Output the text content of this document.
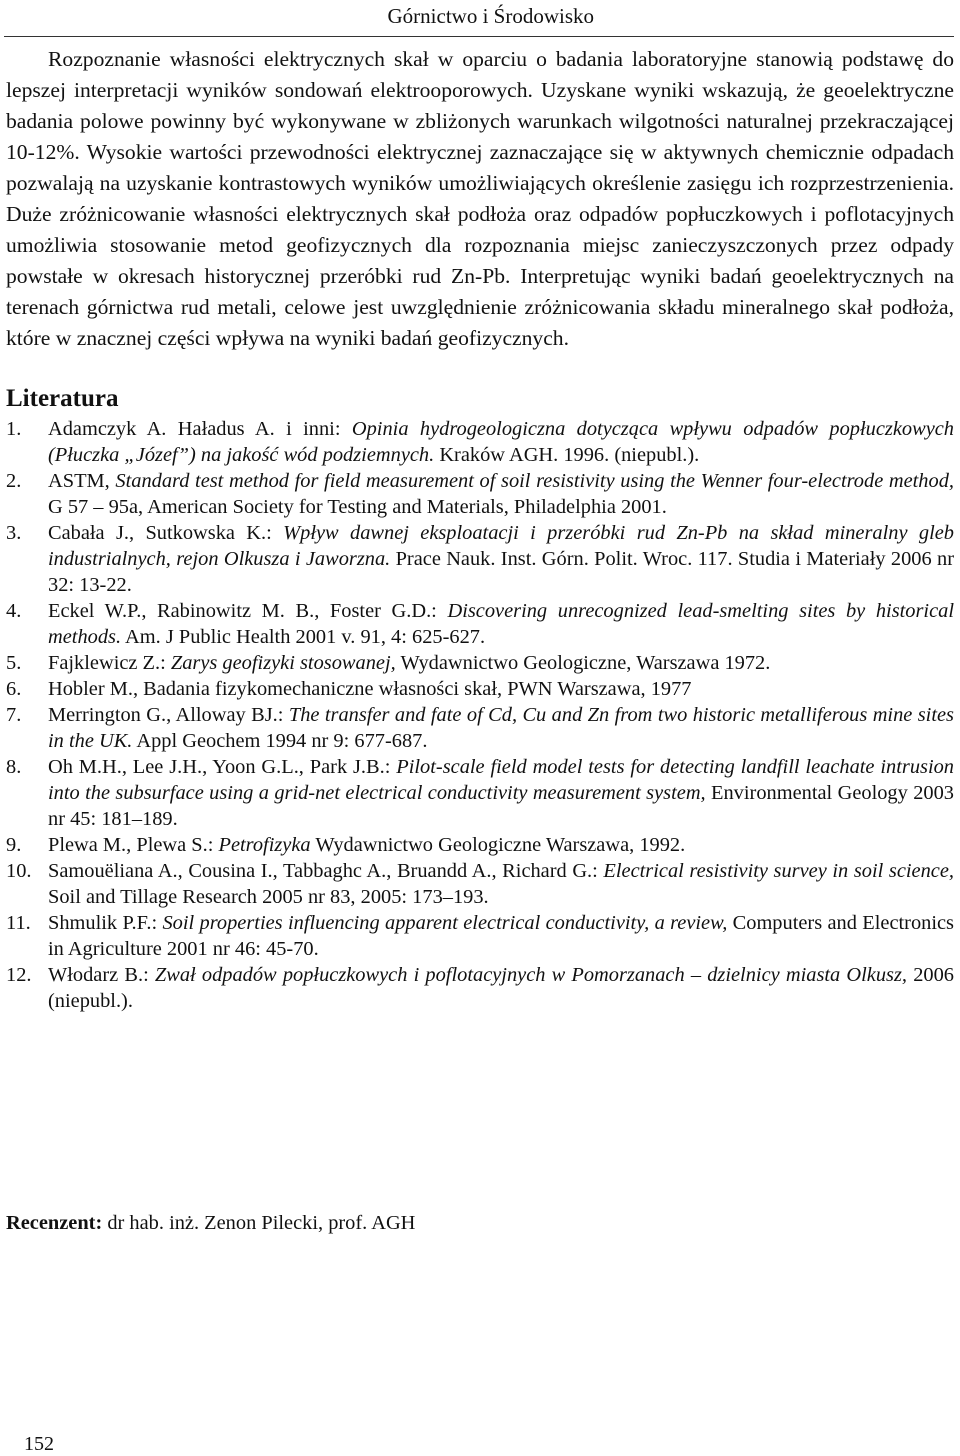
Górnictwo i Środowisko

Rozpoznanie własności elektrycznych skał w oparciu o badania laboratoryjne stanowią podstawę do lepszej interpretacji wyników sondowań elektrooporowych. Uzyskane wyniki wskazują, że geoelektryczne badania polowe powinny być wykonywane w zbliżonych warunkach wilgotności naturalnej przekraczającej 10-12%. Wysokie wartości przewodności elektrycznej zaznaczające się w aktywnych chemicznie odpadach pozwalają na uzyskanie kontrastowych wyników umożliwiających określenie zasięgu ich rozprzestrzenienia. Duże zróżnicowanie własności elektrycznych skał podłoża oraz odpadów popłuczkowych i poflotacyjnych umożliwia stosowanie metod geofizycznych dla rozpoznania miejsc zanieczyszczonych przez odpady powstałe w okresach historycznej przeróbki rud Zn-Pb. Interpretując wyniki badań geoelektrycznych na terenach górnictwa rud metali, celowe jest uwzględnienie zróżnicowania składu mineralnego skał podłoża, które w znacznej części wpływa na wyniki badań geofizycznych.

Literatura
1. Adamczyk A. Haładus A. i inni: Opinia hydrogeologiczna dotycząca wpływu odpadów popłuczkowych (Płuczka „Józef”) na jakość wód podziemnych. Kraków AGH. 1996. (niepubl.).
2. ASTM, Standard test method for field measurement of soil resistivity using the Wenner four-electrode method, G 57 – 95a, American Society for Testing and Materials, Philadelphia 2001.
3. Cabała J., Sutkowska K.: Wpływ dawnej eksploatacji i przeróbki rud Zn-Pb na skład mineralny gleb industrialnych, rejon Olkusza i Jaworzna. Prace Nauk. Inst. Górn. Polit. Wroc. 117. Studia i Materiały 2006 nr 32: 13-22.
4. Eckel W.P., Rabinowitz M. B., Foster G.D.: Discovering unrecognized lead-smelting sites by historical methods. Am. J Public Health 2001 v. 91, 4: 625-627.
5. Fajklewicz Z.: Zarys geofizyki stosowanej, Wydawnictwo Geologiczne, Warszawa 1972.
6. Hobler M., Badania fizykomechaniczne własności skał, PWN Warszawa, 1977
7. Merrington G., Alloway BJ.: The transfer and fate of Cd, Cu and Zn from two historic metalliferous mine sites in the UK. Appl Geochem 1994 nr 9: 677-687.
8. Oh M.H., Lee J.H., Yoon G.L., Park J.B.: Pilot-scale field model tests for detecting landfill leachate intrusion into the subsurface using a grid-net electrical conductivity measurement system, Environmental Geology 2003 nr 45: 181–189.
9. Plewa M., Plewa S.: Petrofizyka Wydawnictwo Geologiczne Warszawa, 1992.
10. Samouëliana A., Cousina I., Tabbaghc A., Bruandd A., Richard G.: Electrical resistivity survey in soil science, Soil and Tillage Research 2005 nr 83, 2005: 173–193.
11. Shmulik P.F.: Soil properties influencing apparent electrical conductivity, a review, Computers and Electronics in Agriculture 2001 nr 46: 45-70.
12. Włodarz B.: Zwał odpadów popłuczkowych i poflotacyjnych w Pomorzanach – dzielnicy miasta Olkusz, 2006 (niepubl.).
Recenzent: dr hab. inż. Zenon Pilecki, prof. AGH
152
